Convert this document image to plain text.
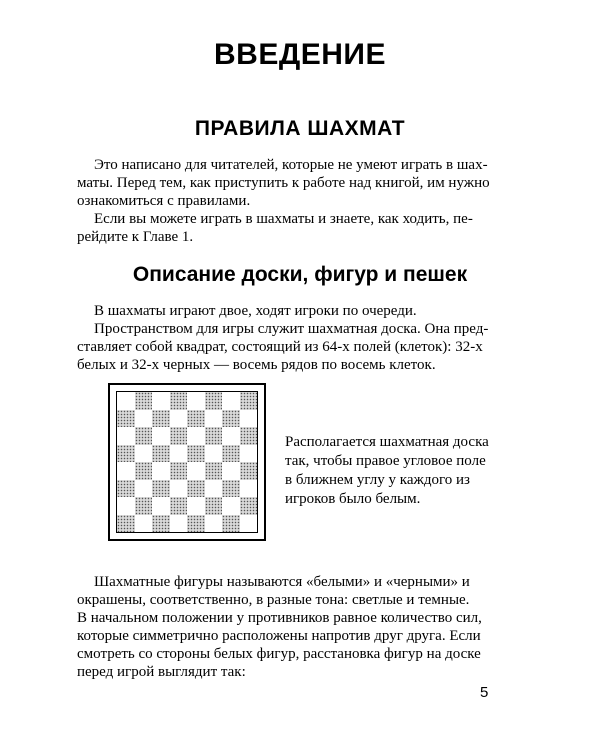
ВВЕДЕНИЕ
ПРАВИЛА ШАХМАТ
Это написано для читателей, которые не умеют играть в шах-
маты. Перед тем, как приступить к работе над книгой, им нужно
ознакомиться с правилами.
Если вы можете играть в шахматы и знаете, как ходить, пе-
рейдите к Главе 1.
Описание доски, фигур и пешек
В шахматы играют двое, ходят игроки по очереди.
Пространством для игры служит шахматная доска. Она пред-
ставляет собой квадрат, состоящий из 64-х полей (клеток): 32-х
белых и 32-х черных — восемь рядов по восемь клеток.
Располагается шахматная доска так, чтобы правое угловое поле в ближнем углу у каждого из игроков было белым.
Шахматные фигуры называются «белыми» и «черными» и
окрашены, соответственно, в разные тона: светлые и темные.
В начальном положении у противников равное количество сил,
которые симметрично расположены напротив друг друга. Если
смотреть со стороны белых фигур, расстановка фигур на доске
перед игрой выглядит так:
5
